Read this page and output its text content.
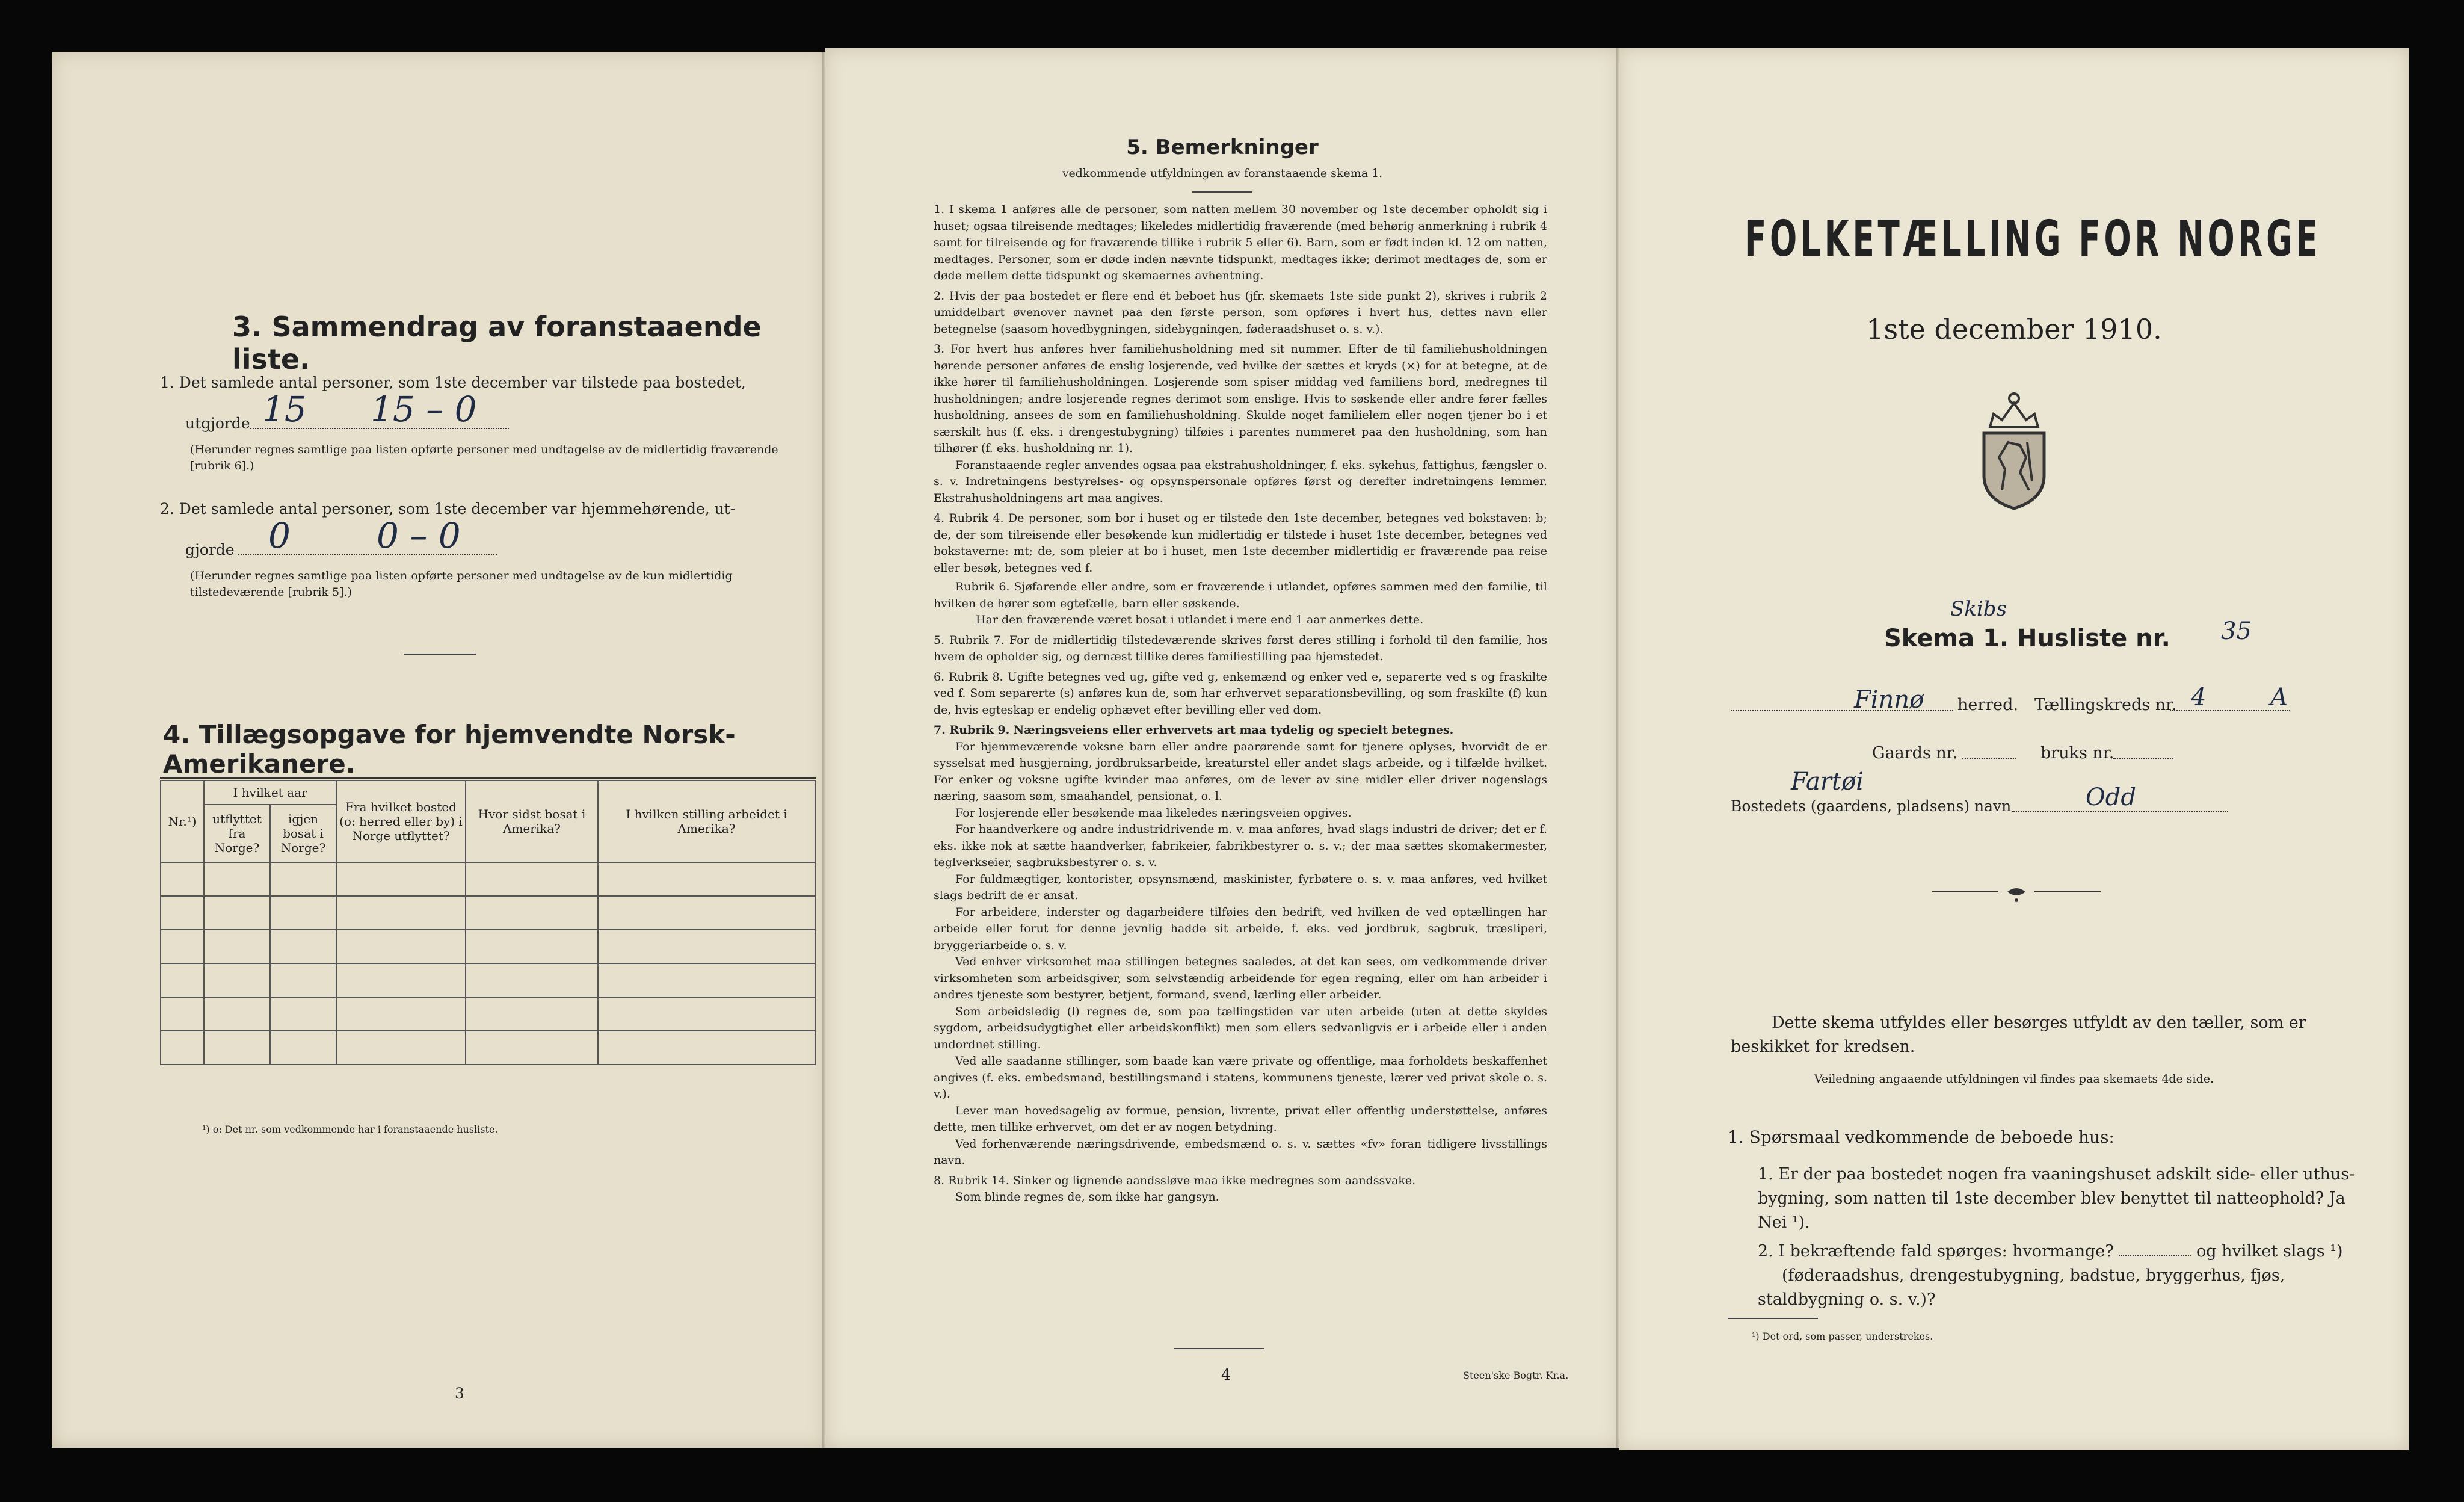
3. Sammendrag av foranstaaende liste.
1. Det samlede antal personer, som 1ste december var tilstede paa bostedet,
utgjorde 15 15 – 0
(Herunder regnes samtlige paa listen opførte personer med undtagelse av de midlertidig fraværende [rubrik 6].)
2. Det samlede antal personer, som 1ste december var hjemmehørende, ut-
gjorde 0 0 – 0
(Herunder regnes samtlige paa listen opførte personer med undtagelse av de kun midlertidig tilstedeværende [rubrik 5].)
4. Tillægsopgave for hjemvendte Norsk-Amerikanere.
Nr.¹)	I hvilket aar		Fra hvilket bosted (o: herred eller by) i Norge utflyttet?	Hvor sidst bosat i Amerika?	I hvilken stilling arbeidet i Amerika?
	utflyttet fra Norge?	igjen bosat i Norge?			

¹) o: Det nr. som vedkommende har i foranstaaende husliste.
3
5. Bemerkninger
vedkommende utfyldningen av foranstaaende skema 1.

1. I skema 1 anføres alle de personer, som natten mellem 30 november og 1ste december opholdt sig i huset; ogsaa tilreisende medtages; likeledes midlertidig fraværende (med behørig anmerkning i rubrik 4 samt for tilreisende og for fraværende tillike i rubrik 5 eller 6). Barn, som er født inden kl. 12 om natten, medtages. Personer, som er døde inden nævnte tidspunkt, medtages ikke; derimot medtages de, som er døde mellem dette tidspunkt og skemaernes avhentning.

2. Hvis der paa bostedet er flere end ét beboet hus (jfr. skemaets 1ste side punkt 2), skrives i rubrik 2 umiddelbart øvenover navnet paa den første person, som opføres i hvert hus, dettes navn eller betegnelse (saasom hovedbygningen, sidebygningen, føderaadshuset o. s. v.).

3. For hvert hus anføres hver familiehusholdning med sit nummer. Efter de til familiehusholdningen hørende personer anføres de enslig losjerende, ved hvilke der sættes et kryds (×) for at betegne, at de ikke hører til familiehusholdningen. Losjerende som spiser middag ved familiens bord, medregnes til husholdningen; andre losjerende regnes derimot som enslige. Hvis to søskende eller andre fører fælles husholdning, ansees de som en familiehusholdning. Skulde noget familielem eller nogen tjener bo i et særskilt hus (f. eks. i drengestubygning) tilføies i parentes nummeret paa den husholdning, som han tilhører (f. eks. husholdning nr. 1).

Foranstaaende regler anvendes ogsaa paa ekstrahusholdninger, f. eks. sykehus, fattighus, fængsler o. s. v. Indretningens bestyrelses- og opsynspersonale opføres først og derefter indretningens lemmer. Ekstrahusholdningens art maa angives.

4. Rubrik 4. De personer, som bor i huset og er tilstede den 1ste december, betegnes ved bokstaven: b; de, der som tilreisende eller besøkende kun midlertidig er tilstede i huset 1ste december, betegnes ved bokstaverne: mt; de, som pleier at bo i huset, men 1ste december midlertidig er fraværende paa reise eller besøk, betegnes ved f.

Rubrik 6. Sjøfarende eller andre, som er fraværende i utlandet, opføres sammen med den familie, til hvilken de hører som egtefælle, barn eller søskende.

Har den fraværende været bosat i utlandet i mere end 1 aar anmerkes dette.

5. Rubrik 7. For de midlertidig tilstedeværende skrives først deres stilling i forhold til den familie, hos hvem de opholder sig, og dernæst tillike deres familiestilling paa hjemstedet.

6. Rubrik 8. Ugifte betegnes ved ug, gifte ved g, enkemænd og enker ved e, separerte ved s og fraskilte ved f. Som separerte (s) anføres kun de, som har erhvervet separationsbevilling, og som fraskilte (f) kun de, hvis egteskap er endelig ophævet efter bevilling eller ved dom.

7. Rubrik 9. Næringsveiens eller erhvervets art maa tydelig og specielt betegnes.

For hjemmeværende voksne barn eller andre paarørende samt for tjenere oplyses, hvorvidt de er sysselsat med husgjerning, jordbruksarbeide, kreaturstel eller andet slags arbeide, og i tilfælde hvilket. For enker og voksne ugifte kvinder maa anføres, om de lever av sine midler eller driver nogenslags næring, saasom søm, smaahandel, pensionat, o. l.

For losjerende eller besøkende maa likeledes næringsveien opgives.

For haandverkere og andre industridrivende m. v. maa anføres, hvad slags industri de driver; det er f. eks. ikke nok at sætte haandverker, fabrikeier, fabrikbestyrer o. s. v.; der maa sættes skomakermester, teglverkseier, sagbruksbestyrer o. s. v.

For fuldmægtiger, kontorister, opsynsmænd, maskinister, fyrbøtere o. s. v. maa anføres, ved hvilket slags bedrift de er ansat.

For arbeidere, inderster og dagarbeidere tilføies den bedrift, ved hvilken de ved optællingen har arbeide eller forut for denne jevnlig hadde sit arbeide, f. eks. ved jordbruk, sagbruk, træsliperi, bryggeriarbeide o. s. v.

Ved enhver virksomhet maa stillingen betegnes saaledes, at det kan sees, om vedkommende driver virksomheten som arbeidsgiver, som selvstændig arbeidende for egen regning, eller om han arbeider i andres tjeneste som bestyrer, betjent, formand, svend, lærling eller arbeider.

Som arbeidsledig (l) regnes de, som paa tællingstiden var uten arbeide (uten at dette skyldes sygdom, arbeidsudygtighet eller arbeidskonflikt) men som ellers sedvanligvis er i arbeide eller i anden undordnet stilling.

Ved alle saadanne stillinger, som baade kan være private og offentlige, maa forholdets beskaffenhet angives (f. eks. embedsmand, bestillingsmand i statens, kommunens tjeneste, lærer ved privat skole o. s. v.).

Lever man hovedsagelig av formue, pension, livrente, privat eller offentlig understøttelse, anføres dette, men tillike erhvervet, om det er av nogen betydning.

Ved forhenværende næringsdrivende, embedsmænd o. s. v. sættes «fv» foran tidligere livsstillings navn.

8. Rubrik 14. Sinker og lignende aandssløve maa ikke medregnes som aandssvake.

Som blinde regnes de, som ikke har gangsyn.

4	Steen'ske Bogtr. Kr.a.
FOLKETÆLLING FOR NORGE
1ste december 1910.
Skibs
Skema 1. Husliste nr. 35
Finnø herred. Tællingskreds nr. 4	A
Gaards nr.	bruks nr.
Fartøi
Bostedets (gaardens, pladsens) navn	Odd
Dette skema utfyldes eller besørges utfyldt av den tæller, som er beskikket for kredsen.
Veiledning angaaende utfyldningen vil findes paa skemaets 4de side.
1. Spørsmaal vedkommende de beboede hus:
1. Er der paa bostedet nogen fra vaaningshuset adskilt side- eller uthus-bygning, som natten til 1ste december blev benyttet til natteophold? Ja Nei ¹).
2. I bekræftende fald spørges: hvormange?	og hvilket slags ¹)
(føderaadshus, drengestubygning, badstue, bryggerhus, fjøs, staldbygning o. s. v.)?
¹) Det ord, som passer, understrekes.
